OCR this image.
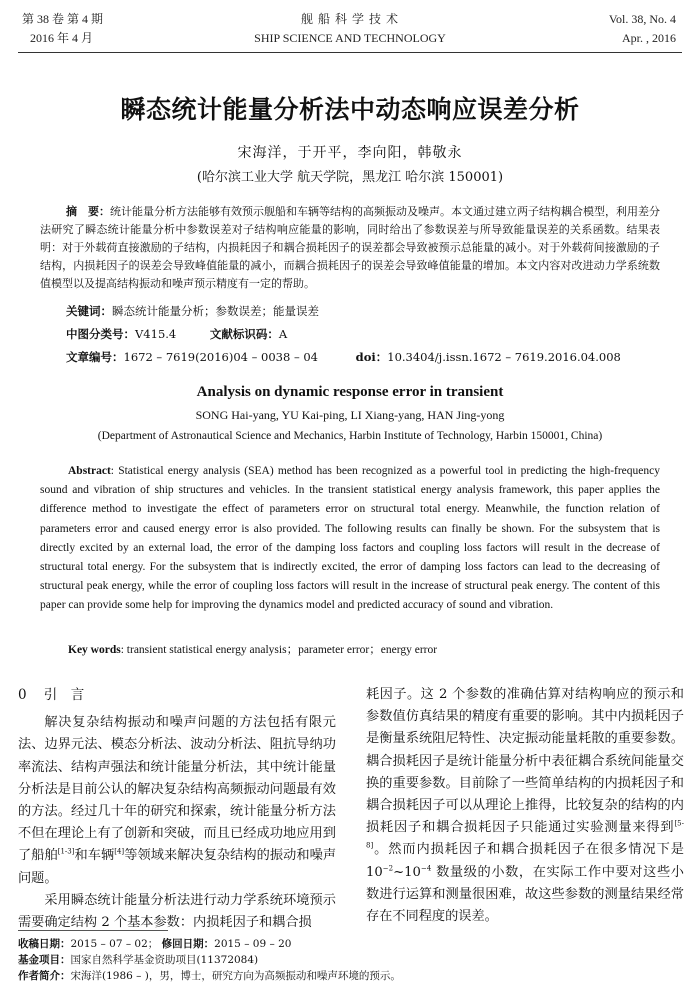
第 38 卷 第 4 期
2016 年 4 月
舰 船 科 学 技 术
SHIP SCIENCE AND TECHNOLOGY
Vol. 38, No. 4
Apr. , 2016
瞬态统计能量分析法中动态响应误差分析
宋海洋，于开平，李向阳，韩敬永
(哈尔滨工业大学 航天学院，黑龙江 哈尔滨 150001)
摘　要：统计能量分析方法能够有效预示舰船和车辆等结构的高频振动及噪声。本文通过建立两子结构耦合模型，利用差分法研究了瞬态统计能量分析中参数误差对子结构响应能量的影响，同时给出了参数误差与所导致能量误差的关系函数。结果表明：对于外载荷直接激励的子结构，内损耗因子和耦合损耗因子的误差都会导致被预示总能量的减小。对于外载荷间接激励的子结构，内损耗因子的误差会导致峰值能量的减小，而耦合损耗因子的误差会导致峰值能量的增加。本文内容对改进动力学系统数值模型以及提高结构振动和噪声预示精度有一定的帮助。
关键词：瞬态统计能量分析；参数误差；能量误差
中图分类号：V415.4	文献标识码：A
文章编号：1672 – 7619(2016)04 – 0038 – 04	doi：10.3404/j.issn.1672 – 7619.2016.04.008
Analysis on dynamic response error in transient
SONG Hai-yang, YU Kai-ping, LI Xiang-yang, HAN Jing-yong
(Department of Astronautical Science and Mechanics, Harbin Institute of Technology, Harbin 150001, China)
Abstract: Statistical energy analysis (SEA) method has been recognized as a powerful tool in predicting the high-frequency sound and vibration of ship structures and vehicles. In the transient statistical energy analysis framework, this paper applies the difference method to investigate the effect of parameters error on structural total energy. Meanwhile, the function relation of parameters error and caused energy error is also provided. The following results can finally be shown. For the subsystem that is directly excited by an external load, the error of the damping loss factors and coupling loss factors will result in the decrease of structural total energy. For the subsystem that is indirectly excited, the error of damping loss factors can lead to the decreasing of structural peak energy, while the error of coupling loss factors will result in the increase of structural peak energy. The content of this paper can provide some help for improving the dynamics model and predicted accuracy of sound and vibration.
Key words: transient statistical energy analysis；parameter error；energy error
0 引　言

解决复杂结构振动和噪声问题的方法包括有限元法、边界元法、模态分析法、波动分析法、阻抗导纳功率流法、结构声强法和统计能量分析法，其中统计能量分析法是目前公认的解决复杂结构高频振动问题最有效的方法。经过几十年的研究和探索，统计能量分析方法不但在理论上有了创新和突破，而且已经成功地应用到了船舶[1-3]和车辆[4]等领域来解决复杂结构的振动和噪声问题。

采用瞬态统计能量分析法进行动力学系统环境预示需要确定结构 2 个基本参数：内损耗因子和耦合损

耗因子。这 2 个参数的准确估算对结构响应的预示和参数值仿真结果的精度有重要的影响。其中内损耗因子是衡量系统阻尼特性、决定振动能量耗散的重要参数。耦合损耗因子是统计能量分析中表征耦合系统间能量交换的重要参数。目前除了一些简单结构的内损耗因子和耦合损耗因子可以从理论上推得，比较复杂的结构的内损耗因子和耦合损耗因子只能通过实验测量来得到[5-8]。然而内损耗因子和耦合损耗因子在很多情况下是 $10^{-2}\sim 10^{-4}$ 数量级的小数，在实际工作中要对这些小数进行运算和测量很困难，故这些参数的测量结果经常存在不同程度的误差。

收稿日期：2015 – 07 – 02； 修回日期：2015 – 09 – 20
基金项目：国家自然科学基金资助项目(11372084)
作者简介：宋海洋(1986 – )，男，博士，研究方向为高频振动和噪声环境的预示。
